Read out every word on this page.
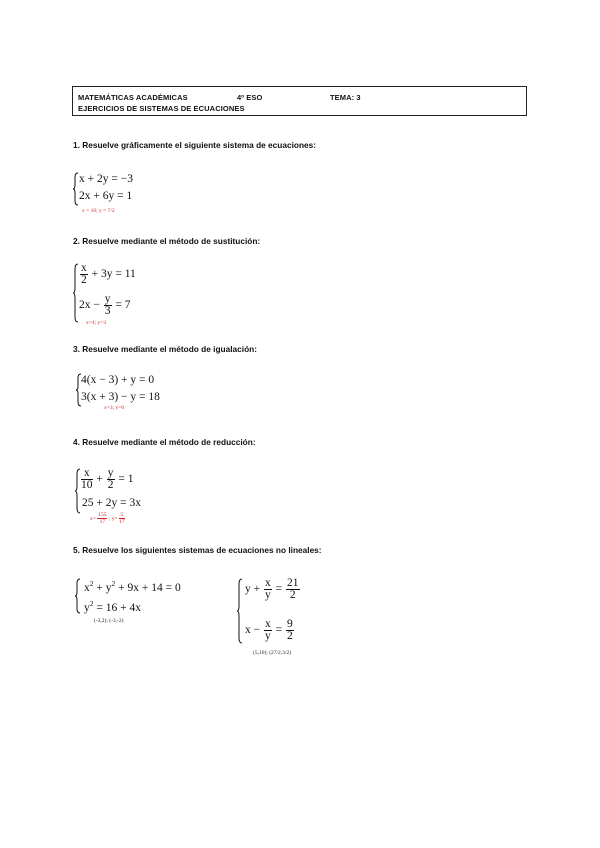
MATEMÁTICAS ACADÉMICAS	4º ESO	TEMA: 3
EJERCICIOS DE SISTEMAS DE ECUACIONES
1. Resuelve gráficamente el siguiente sistema de ecuaciones:
x + 2y = −3
2x + 6y = 1
x = 10; y = 7/2
2. Resuelve mediante el método de sustitución:
$\frac{x}{2} + 3y = 11$
$2x - \frac{y}{3} = 7$
x=4; y=3
3. Resuelve mediante el método de igualación:
4(x − 3) + y = 0
3(x + 3) − y = 18
x=3; y=0
4. Resuelve mediante el método de reducción:
$\frac{x}{10} + \frac{y}{2} = 1$
25 + 2y = 3x
$x= \frac{155}{17}$ ; $y= \frac{5}{17}$
5. Resuelve los siguientes sistemas de ecuaciones no lineales:
$x^2 + y^2 + 9x + 14 = 0$
$y^2 = 16 + 4x$
(-3,2); (-3,-2)
$y + \frac{x}{y} = \frac{21}{2}$
$x - \frac{x}{y} = \frac{9}{2}$
(5,10); (27/2,3/2)
